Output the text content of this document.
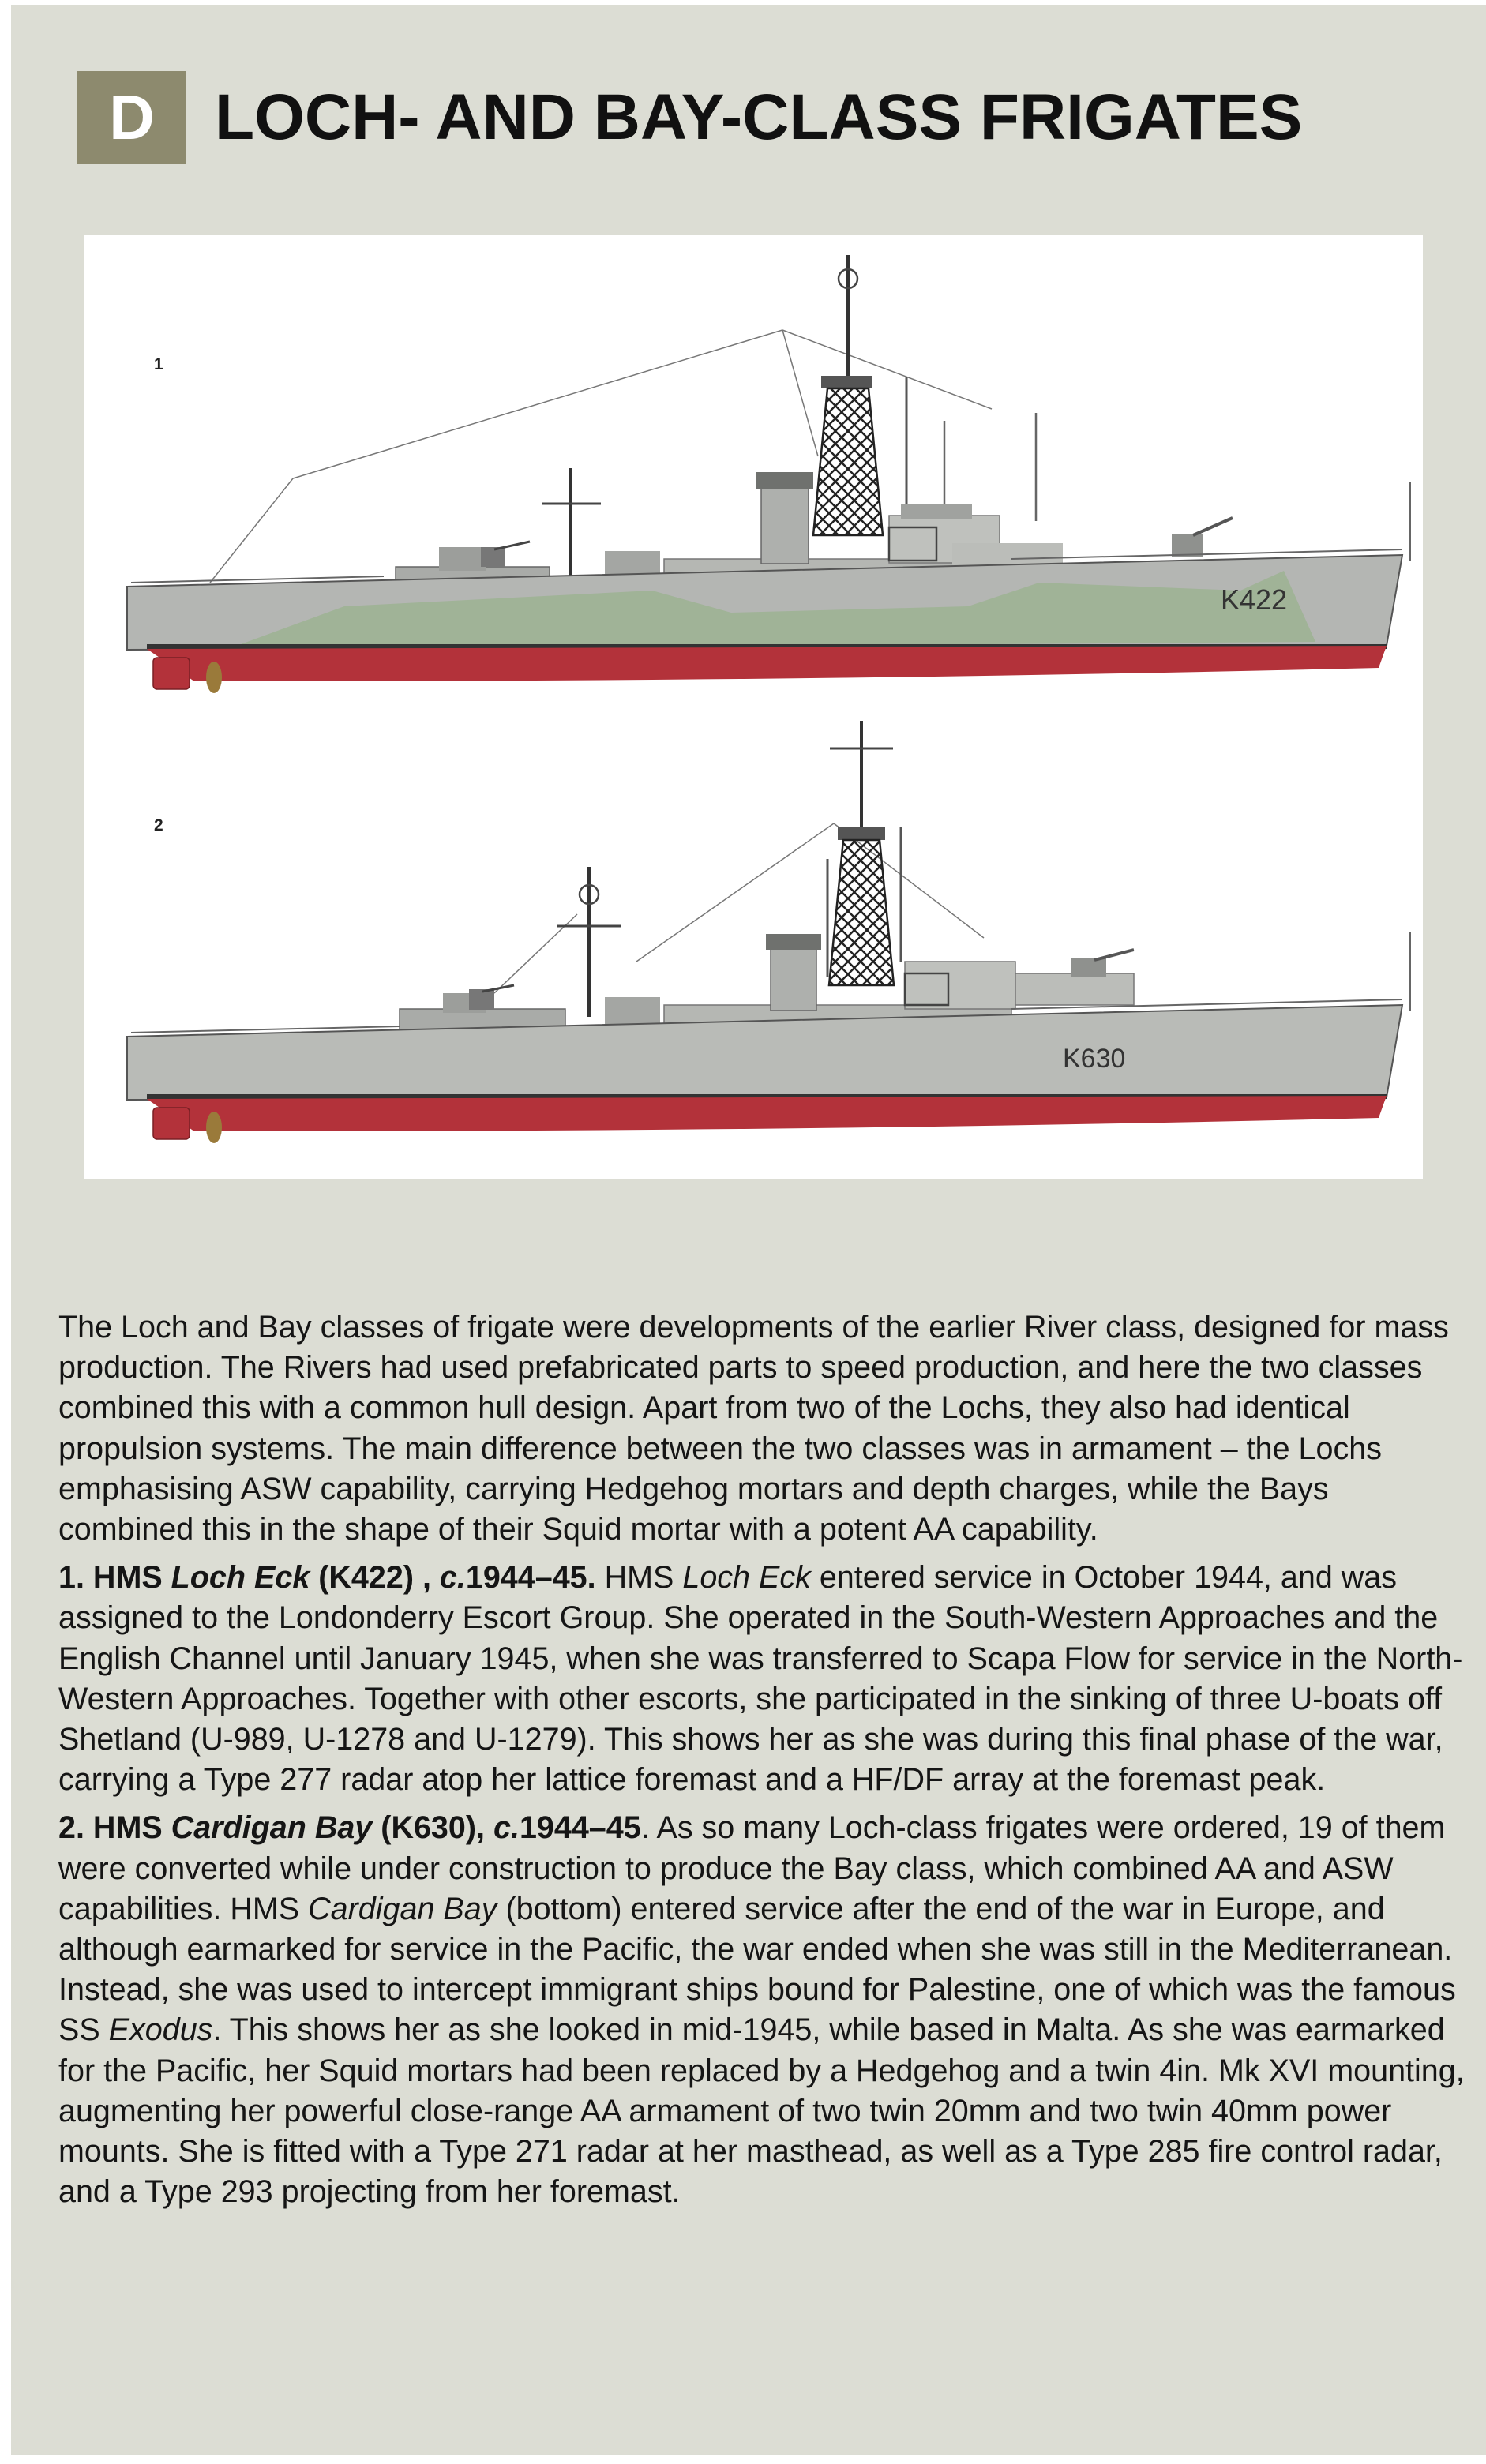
D LOCH- AND BAY-CLASS FRIGATES
1
2
K422
K630

The Loch and Bay classes of frigate were developments of the earlier River class, designed for mass production. The Rivers had used prefabricated parts to speed production, and here the two classes combined this with a common hull design. Apart from two of the Lochs, they also had identical propulsion systems. The main difference between the two classes was in armament – the Lochs emphasising ASW capability, carrying Hedgehog mortars and depth charges, while the Bays combined this in the shape of their Squid mortar with a potent AA capability.

1. HMS Loch Eck (K422) , c.1944–45. HMS Loch Eck entered service in October 1944, and was assigned to the Londonderry Escort Group. She operated in the South-Western Approaches and the English Channel until January 1945, when she was transferred to Scapa Flow for service in the North-Western Approaches. Together with other escorts, she participated in the sinking of three U-boats off Shetland (U-989, U-1278 and U-1279). This shows her as she was during this final phase of the war, carrying a Type 277 radar atop her lattice foremast and a HF/DF array at the foremast peak.

2. HMS Cardigan Bay (K630), c.1944–45. As so many Loch-class frigates were ordered, 19 of them were converted while under construction to produce the Bay class, which combined AA and ASW capabilities. HMS Cardigan Bay (bottom) entered service after the end of the war in Europe, and although earmarked for service in the Pacific, the war ended when she was still in the Mediterranean. Instead, she was used to intercept immigrant ships bound for Palestine, one of which was the famous SS Exodus. This shows her as she looked in mid-1945, while based in Malta. As she was earmarked for the Pacific, her Squid mortars had been replaced by a Hedgehog and a twin 4in. Mk XVI mounting, augmenting her powerful close-range AA armament of two twin 20mm and two twin 40mm power mounts. She is fitted with a Type 271 radar at her masthead, as well as a Type 285 fire control radar, and a Type 293 projecting from her foremast.
